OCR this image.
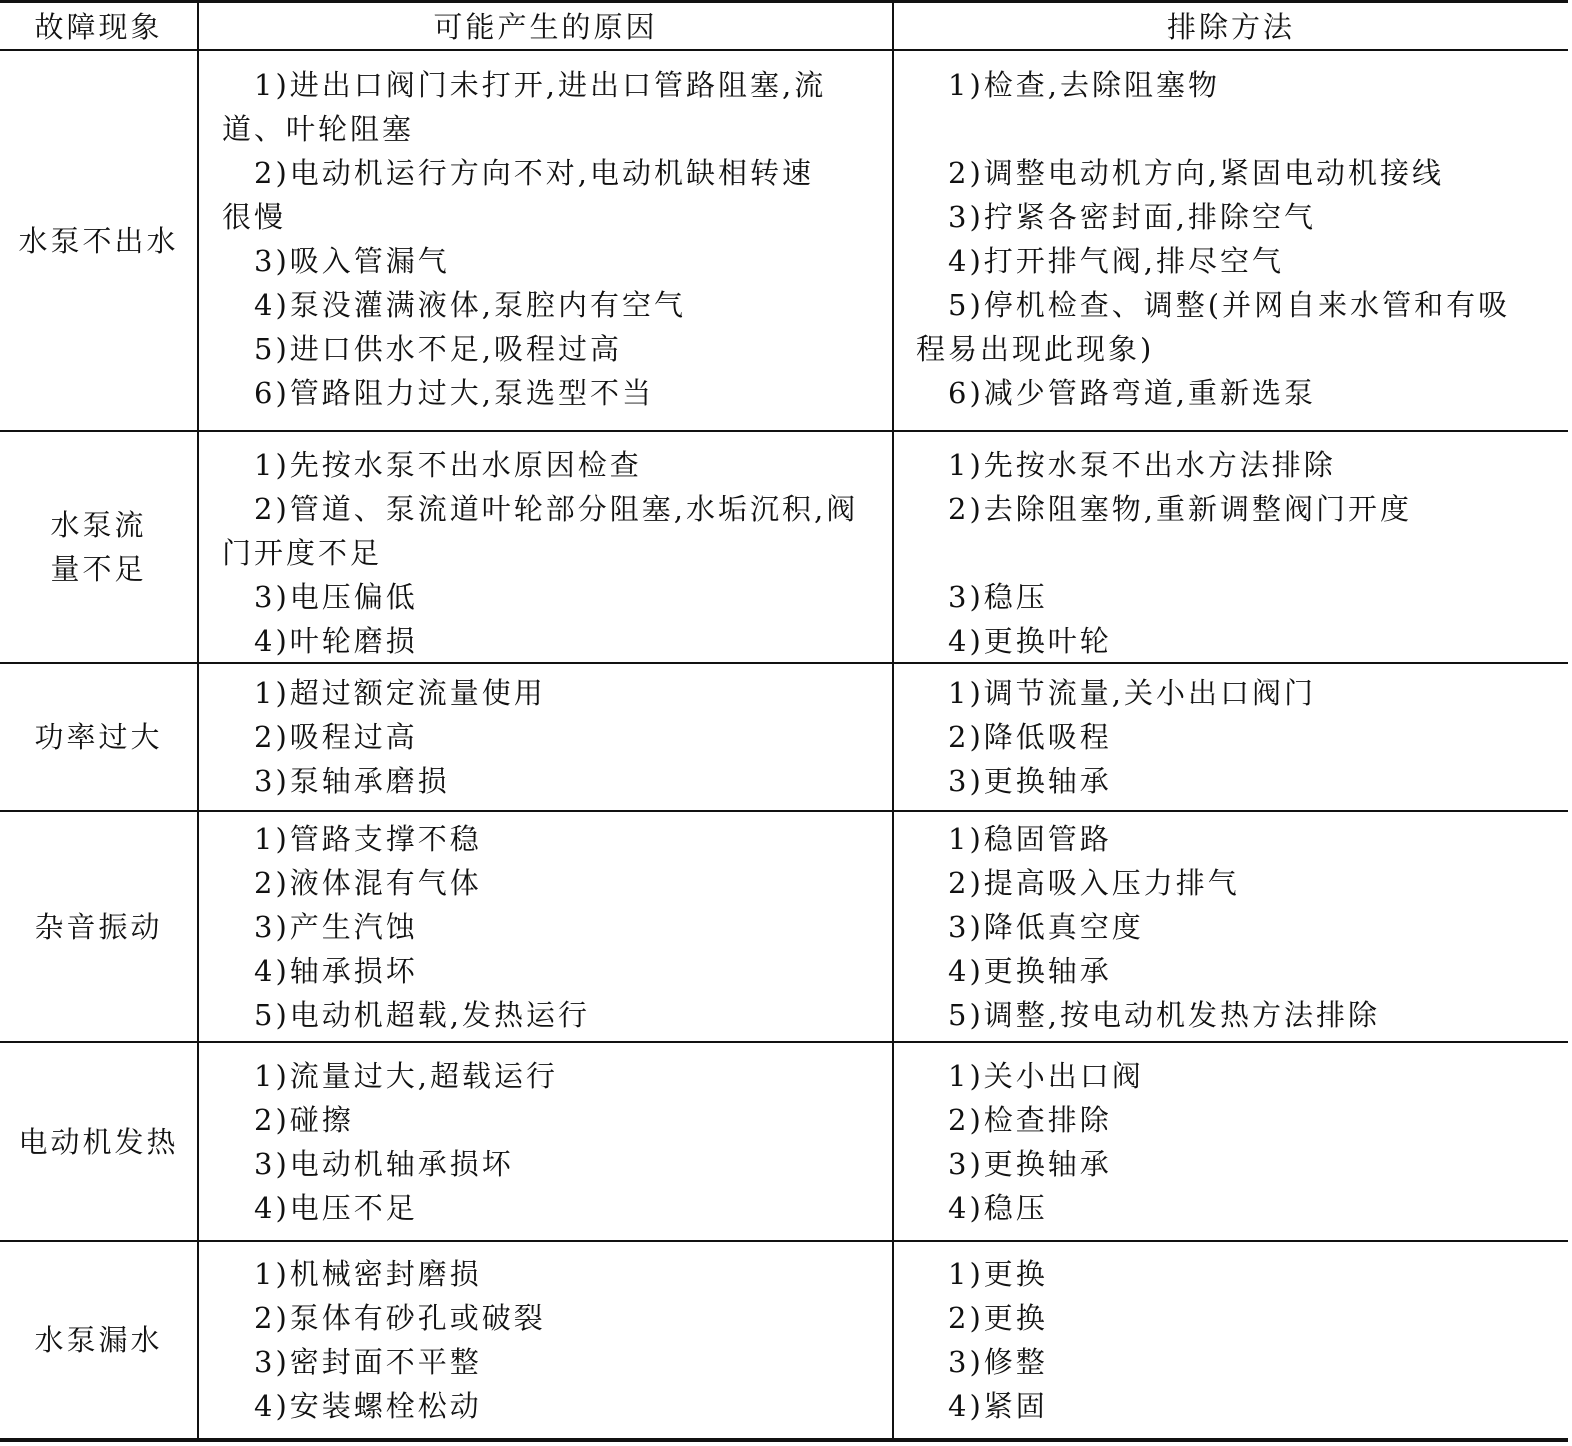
故障现象	可能产生的原因	排除方法
水泵不出水
1)进出口阀门未打开,进出口管路阻塞,流
道、叶轮阻塞
2)电动机运行方向不对,电动机缺相转速
很慢
3)吸入管漏气
4)泵没灌满液体,泵腔内有空气
5)进口供水不足,吸程过高
6)管路阻力过大,泵选型不当
1)检查,去除阻塞物
2)调整电动机方向,紧固电动机接线
3)拧紧各密封面,排除空气
4)打开排气阀,排尽空气
5)停机检查、调整(并网自来水管和有吸
程易出现此现象)
6)减少管路弯道,重新选泵
水泵流量不足
1)先按水泵不出水原因检查
2)管道、泵流道叶轮部分阻塞,水垢沉积,阀
门开度不足
3)电压偏低
4)叶轮磨损
1)先按水泵不出水方法排除
2)去除阻塞物,重新调整阀门开度
3)稳压
4)更换叶轮
功率过大
1)超过额定流量使用
2)吸程过高
3)泵轴承磨损
1)调节流量,关小出口阀门
2)降低吸程
3)更换轴承
杂音振动
1)管路支撑不稳
2)液体混有气体
3)产生汽蚀
4)轴承损坏
5)电动机超载,发热运行
1)稳固管路
2)提高吸入压力排气
3)降低真空度
4)更换轴承
5)调整,按电动机发热方法排除
电动机发热
1)流量过大,超载运行
2)碰擦
3)电动机轴承损坏
4)电压不足
1)关小出口阀
2)检查排除
3)更换轴承
4)稳压
水泵漏水
1)机械密封磨损
2)泵体有砂孔或破裂
3)密封面不平整
4)安装螺栓松动
1)更换
2)更换
3)修整
4)紧固
